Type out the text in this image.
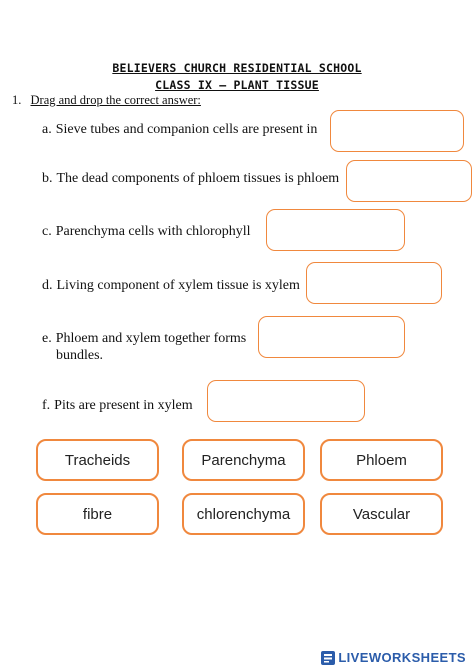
BELIEVERS CHURCH RESIDENTIAL SCHOOL
CLASS IX – PLANT TISSUE
1. Drag and drop the correct answer:
a. Sieve tubes and companion cells are present in
b. The dead components of phloem tissues is phloem
c. Parenchyma cells with chlorophyll
d. Living component of xylem tissue is xylem
e. Phloem and xylem together forms
bundles.
f. Pits are present in xylem
Tracheids	Parenchyma	Phloem
fibre	chlorenchyma	Vascular
LIVEWORKSHEETS
